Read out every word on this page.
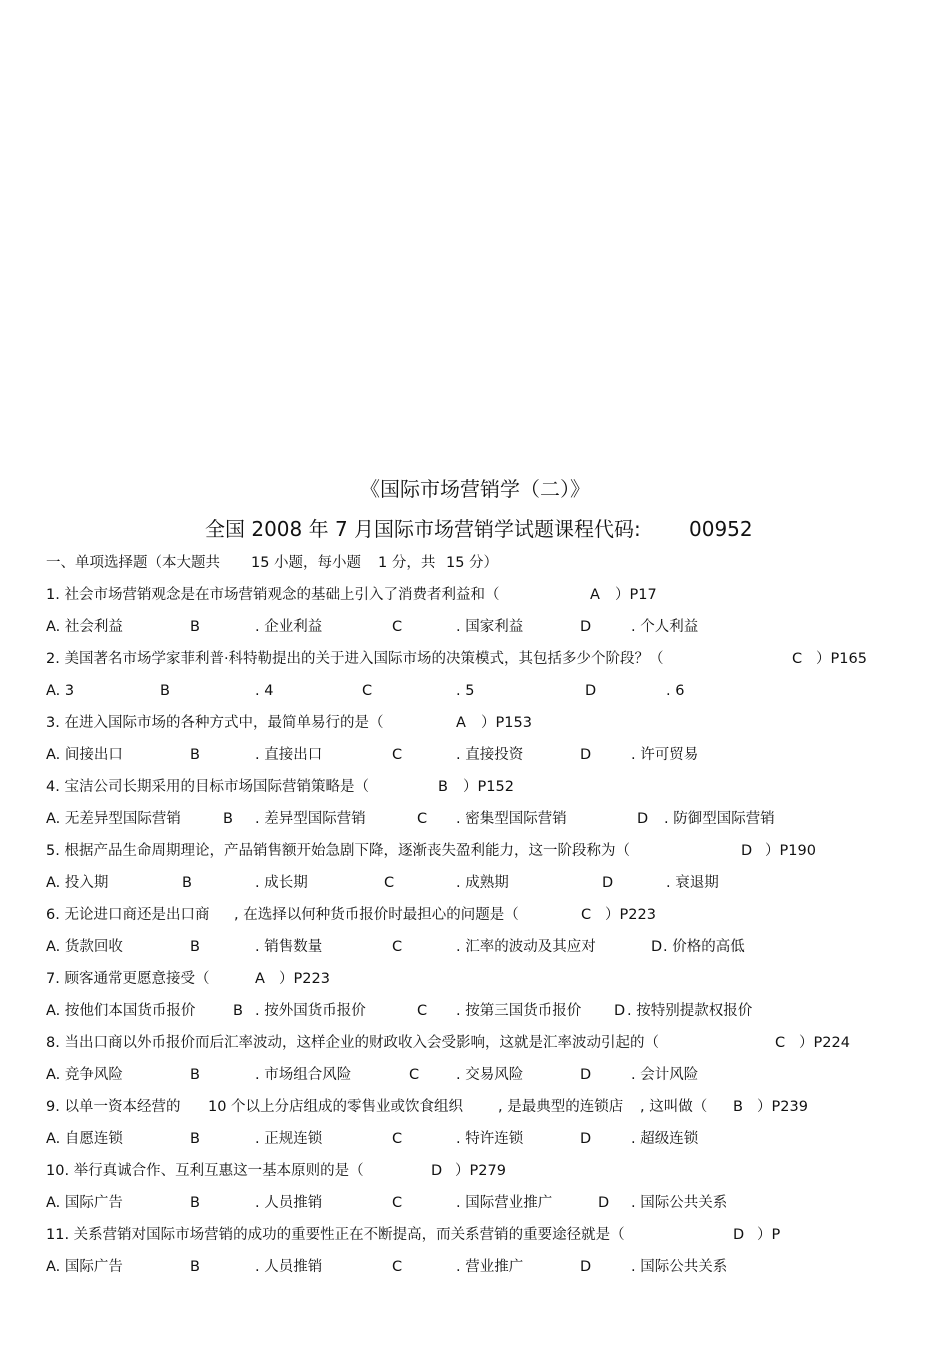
《国际市场营销学（二）》
全国 2008 年 7 月国际市场营销学试题课程代码: 00952
一、单项选择题（本大题共 15 小题，每小题 1 分，共 15 分）
1. 社会市场营销观念是在市场营销观念的基础上引入了消费者利益和（	A ）P17
A. 社会利益	B	. 企业利益	C	. 国家利益	D	. 个人利益
2. 美国著名市场学家菲利普·科特勒提出的关于进入国际市场的决策模式，其包括多少个阶段？（	C ）P165
A. 3	B	. 4	C	. 5	D	. 6
3. 在进入国际市场的各种方式中，最简单易行的是（	A ）P153
A. 间接出口	B	. 直接出口	C	. 直接投资	D	. 许可贸易
4. 宝洁公司长期采用的目标市场国际营销策略是（	B ）P152
A. 无差异型国际营销	B . 差异型国际营销	C . 密集型国际营销	D . 防御型国际营销
5. 根据产品生命周期理论，产品销售额开始急剧下降，逐渐丧失盈利能力，这一阶段称为（	D ）P190
A. 投入期	B	. 成长期	C	. 成熟期	D	. 衰退期
6. 无论进口商还是出口商 , 在选择以何种货币报价时最担心的问题是（	C ）P223
A. 货款回收	B	. 销售数量	C	. 汇率的波动及其应对	D . 价格的高低
7. 顾客通常更愿意接受（	A ）P223
A. 按他们本国货币报价	B . 按外国货币报价	C . 按第三国货币报价 D . 按特别提款权报价
8. 当出口商以外币报价而后汇率波动，这样企业的财政收入会受影响，这就是汇率波动引起的（	C ）P224
A. 竞争风险	B	. 市场组合风险	C	. 交易风险	D	. 会计风险
9. 以单一资本经营的 10 个以上分店组成的零售业或饮食组织 , 是最典型的连锁店 , 这叫做（ B ）P239
A. 自愿连锁	B	. 正规连锁	C	. 特许连锁	D	. 超级连锁
10. 举行真诚合作、互利互惠这一基本原则的是（	D ）P279
A. 国际广告	B	. 人员推销	C	. 国际营业推广	D . 国际公共关系
11. 关系营销对国际市场营销的成功的重要性正在不断提高，而关系营销的重要途径就是（	D ）P
A. 国际广告	B	. 人员推销	C	. 营业推广	D	. 国际公共关系
